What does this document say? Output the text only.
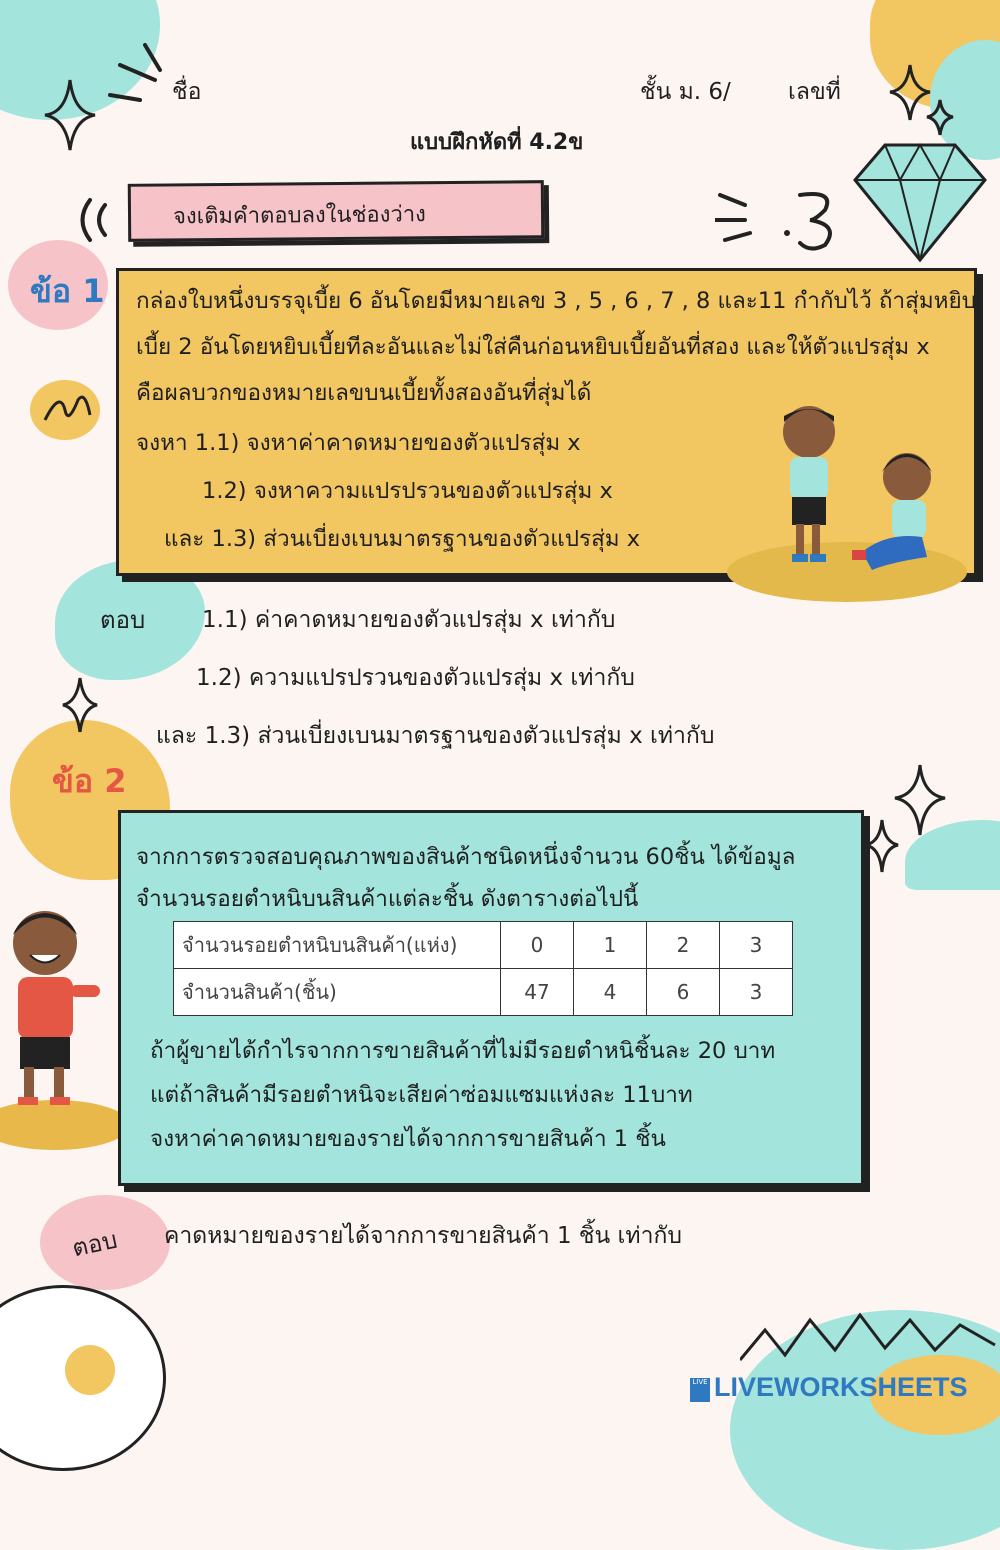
ชื่อ	ชั้น ม. 6/ เลขที่
แบบฝึกหัดที่ 4.2ข
จงเติมคำตอบลงในช่องว่าง
ข้อ 1 กล่องใบหนึ่งบรรจุเบี้ย 6 อันโดยมีหมายเลข 3 , 5 , 6 , 7 , 8 และ11 กำกับไว้ ถ้าสุ่มหยิบ
เบี้ย 2 อันโดยหยิบเบี้ยทีละอันและไม่ใส่คืนก่อนหยิบเบี้ยอันที่สอง และให้ตัวแปรสุ่ม x
คือผลบวกของหมายเลขบนเบี้ยทั้งสองอันที่สุ่มได้
จงหา 1.1) จงหาค่าคาดหมายของตัวแปรสุ่ม x
1.2) จงหาความแปรปรวนของตัวแปรสุ่ม x
และ 1.3) ส่วนเบี่ยงเบนมาตรฐานของตัวแปรสุ่ม x
ตอบ 1.1) ค่าคาดหมายของตัวแปรสุ่ม x เท่ากับ
1.2) ความแปรปรวนของตัวแปรสุ่ม x เท่ากับ
และ 1.3) ส่วนเบี่ยงเบนมาตรฐานของตัวแปรสุ่ม x เท่ากับ
ข้อ 2
จากการตรวจสอบคุณภาพของสินค้าชนิดหนึ่งจำนวน 60ชิ้น ได้ข้อมูล
จำนวนรอยตำหนิบนสินค้าแต่ละชิ้น ดังตารางต่อไปนี้
จำนวนรอยตำหนิบนสินค้า(แห่ง)	0	1	2	3
จำนวนสินค้า(ชิ้น)	47	4	6	3
ถ้าผู้ขายได้กำไรจากการขายสินค้าที่ไม่มีรอยตำหนิชิ้นละ 20 บาท
แต่ถ้าสินค้ามีรอยตำหนิจะเสียค่าซ่อมแซมแห่งละ 11บาท
จงหาค่าคาดหมายของรายได้จากการขายสินค้า 1 ชิ้น
ตอบ คาดหมายของรายได้จากการขายสินค้า 1 ชิ้น เท่ากับ
LIVE LIVEWORKSHEETS
